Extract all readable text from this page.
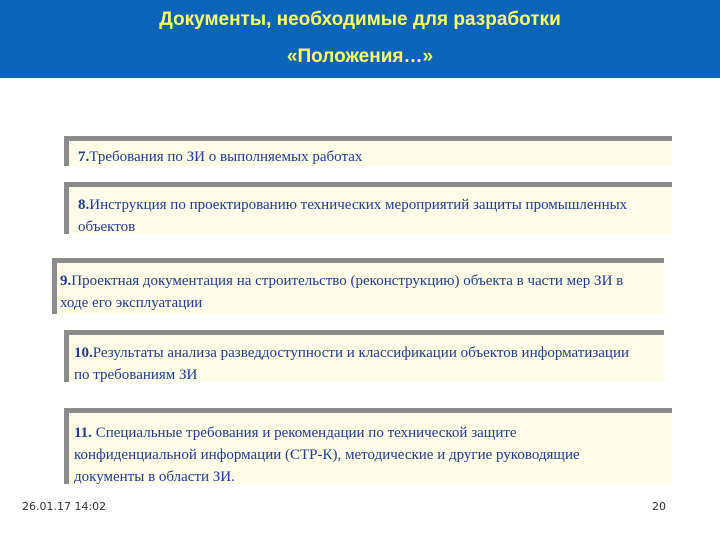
Документы, необходимые для разработки
«Положения…»
7.Требования по ЗИ о выполняемых работах
8.Инструкция по проектированию технических мероприятий защиты промышленных объектов
9.Проектная документация на строительство (реконструкцию) объекта в части мер ЗИ в ходе его эксплуатации
10.Результаты анализа разведдоступности и классификации объектов информатизации по требованиям ЗИ
11. Специальные требования и рекомендации по технической защите конфиденциальной информации (СТР-К), методические и другие руководящие документы в области ЗИ.
26.01.17 14:02	20
